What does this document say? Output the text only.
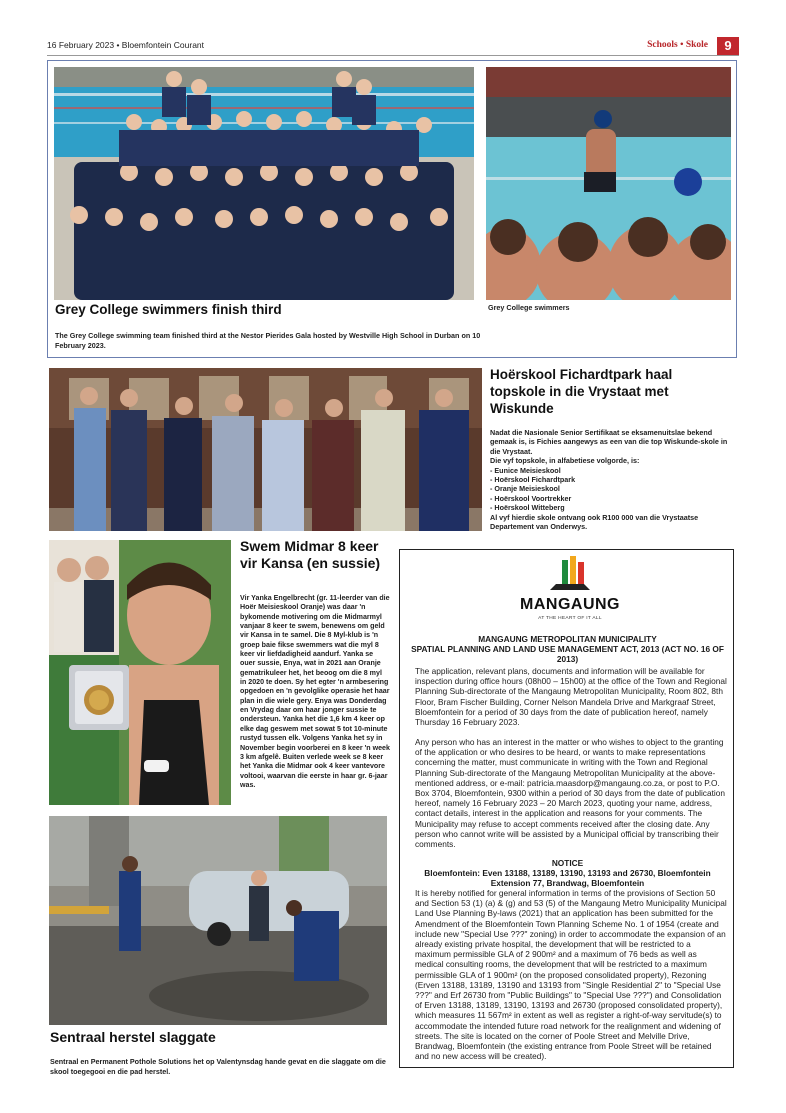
16 February 2023 • Bloemfontein Courant	Schools • Skole	9
Grey College swimmers finish third
The Grey College swimming team finished third at the Nestor Pierides Gala hosted by Westville High School in Durban on 10 February 2023.
Grey College swimmers
Hoërskool Fichardtpark haal topskole in die Vrystaat met Wiskunde
Nadat die Nasionale Senior Sertifikaat se eksamenuitslae bekend gemaak is, is Fichies aangewys as een van die top Wiskunde-skole in die Vrystaat.
Die vyf topskole, in alfabetiese volgorde, is:
- Eunice Meisieskool
- Hoërskool Fichardtpark
- Oranje Meisieskool
- Hoërskool Voortrekker
- Hoërskool Witteberg
Al vyf hierdie skole ontvang ook R100 000 van die Vrystaatse Departement van Onderwys.
Swem Midmar 8 keer vir Kansa (en sussie)
Vir Yanka Engelbrecht (gr. 11-leerder van die Hoër Meisieskool Oranje) was daar 'n bykomende motivering om die Midmarmyl vanjaar 8 keer te swem, benewens om geld vir Kansa in te samel. Die 8 Myl-klub is 'n groep baie fikse swemmers wat die myl 8 keer vir liefdadigheid aandurf. Yanka se ouer sussie, Enya, wat in 2021 aan Oranje gematrikuleer het, het beoog om die 8 myl in 2020 te doen. Sy het egter 'n armbesering opgedoen en 'n gevolglike operasie het haar plan in die wiele gery. Enya was Donderdag en Vrydag daar om haar jonger sussie te ondersteun. Yanka het die 1,6 km 4 keer op elke dag geswem met sowat 5 tot 10-minute rustyd tussen elk. Volgens Yanka het sy in November begin voorberei en 8 keer 'n week 3 km afgelê. Buiten verlede week se 8 keer het Yanka die Midmar ook 4 keer vantevore voltooi, waarvan die eerste in haar gr. 6-jaar was.
Sentraal herstel slaggate
Sentraal en Permanent Pothole Solutions het op Valentynsdag hande gevat en die slaggate om die skool toegegooi en die pad herstel.
MANGAUNG
AT THE HEART OF IT ALL
MANGAUNG METROPOLITAN MUNICIPALITY
SPATIAL PLANNING AND LAND USE MANAGEMENT ACT, 2013 (ACT NO. 16 OF 2013)
The application, relevant plans, documents and information will be available for inspection during office hours (08h00 – 15h00) at the office of the Town and Regional Planning Sub-directorate of the Mangaung Metropolitan Municipality, Room 802, 8th Floor, Bram Fischer Building, Corner Nelson Mandela Drive and Markgraaf Street, Bloemfontein for a period of 30 days from the date of publication hereof, namely Thursday 16 February 2023.
Any person who has an interest in the matter or who wishes to object to the granting of the application or who desires to be heard, or wants to make representations concerning the matter, must communicate in writing with the Town and Regional Planning Sub-directorate of the Mangaung Metropolitan Municipality at the above-mentioned address, or e-mail: patricia.maasdorp@mangaung.co.za, or post to P.O. Box 3704, Bloemfontein, 9300 within a period of 30 days from the date of publication hereof, namely 16 February 2023 – 20 March 2023, quoting your name, address, contact details, interest in the application and reasons for your comments. The Municipality may refuse to accept comments received after the closing date. Any person who cannot write will be assisted by a Municipal official by transcribing their comments.
NOTICE
Bloemfontein: Even 13188, 13189, 13190, 13193 and 26730, Bloemfontein Extension 77, Brandwag, Bloemfontein
It is hereby notified for general information in terms of the provisions of Section 50 and Section 53 (1) (a) & (g) and 53 (5) of the Mangaung Metro Municipality Municipal Land Use Planning By-laws (2021) that an application has been submitted for the Amendment of the Bloemfontein Town Planning Scheme No. 1 of 1954 (create and include new "Special Use ???" zoning) in order to accommodate the expansion of an already existing private hospital, the development that will be restricted to a maximum permissible GLA of 2 900m² and a maximum of 76 beds as well as medical consulting rooms, the development that will be restricted to a maximum permissible GLA of 1 900m² (on the proposed consolidated property), Rezoning (Erven 13188, 13189, 13190 and 13193 from "Single Residential 2" to "Special Use ???" and Erf 26730 from "Public Buildings" to "Special Use ???") and Consolidation of Erven 13188, 13189, 13190, 13193 and 26730 (proposed consolidated property), which measures 11 567m² in extent as well as register a right-of-way servitude(s) to accommodate the intended future road network for the realignment and widening of streets. The site is located on the corner of Poole Street and Melville Drive, Brandwag, Bloemfontein (the existing entrance from Poole Street will be retained and no new access will be created).
